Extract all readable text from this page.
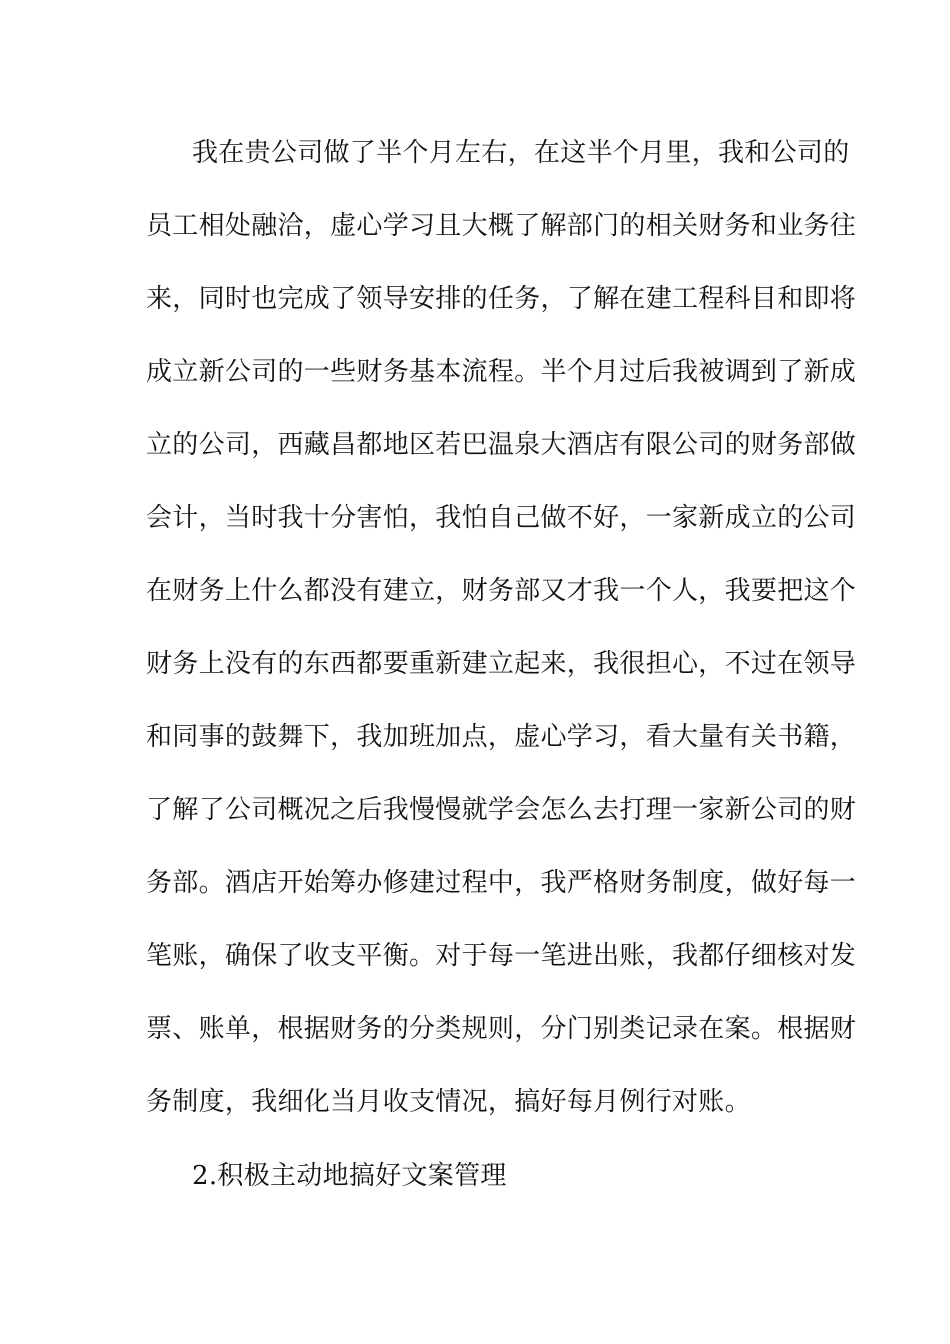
我在贵公司做了半个月左右，在这半个月里，我和公司的
员工相处融洽，虚心学习且大概了解部门的相关财务和业务往
来，同时也完成了领导安排的任务，了解在建工程科目和即将
成立新公司的一些财务基本流程。半个月过后我被调到了新成
立的公司，西藏昌都地区若巴温泉大酒店有限公司的财务部做
会计，当时我十分害怕，我怕自己做不好，一家新成立的公司
在财务上什么都没有建立，财务部又才我一个人，我要把这个
财务上没有的东西都要重新建立起来，我很担心，不过在领导
和同事的鼓舞下，我加班加点，虚心学习，看大量有关书籍，
了解了公司概况之后我慢慢就学会怎么去打理一家新公司的财
务部。酒店开始筹办修建过程中，我严格财务制度，做好每一
笔账，确保了收支平衡。对于每一笔进出账，我都仔细核对发
票、账单，根据财务的分类规则，分门别类记录在案。根据财
务制度，我细化当月收支情况，搞好每月例行对账。
2.积极主动地搞好文案管理
